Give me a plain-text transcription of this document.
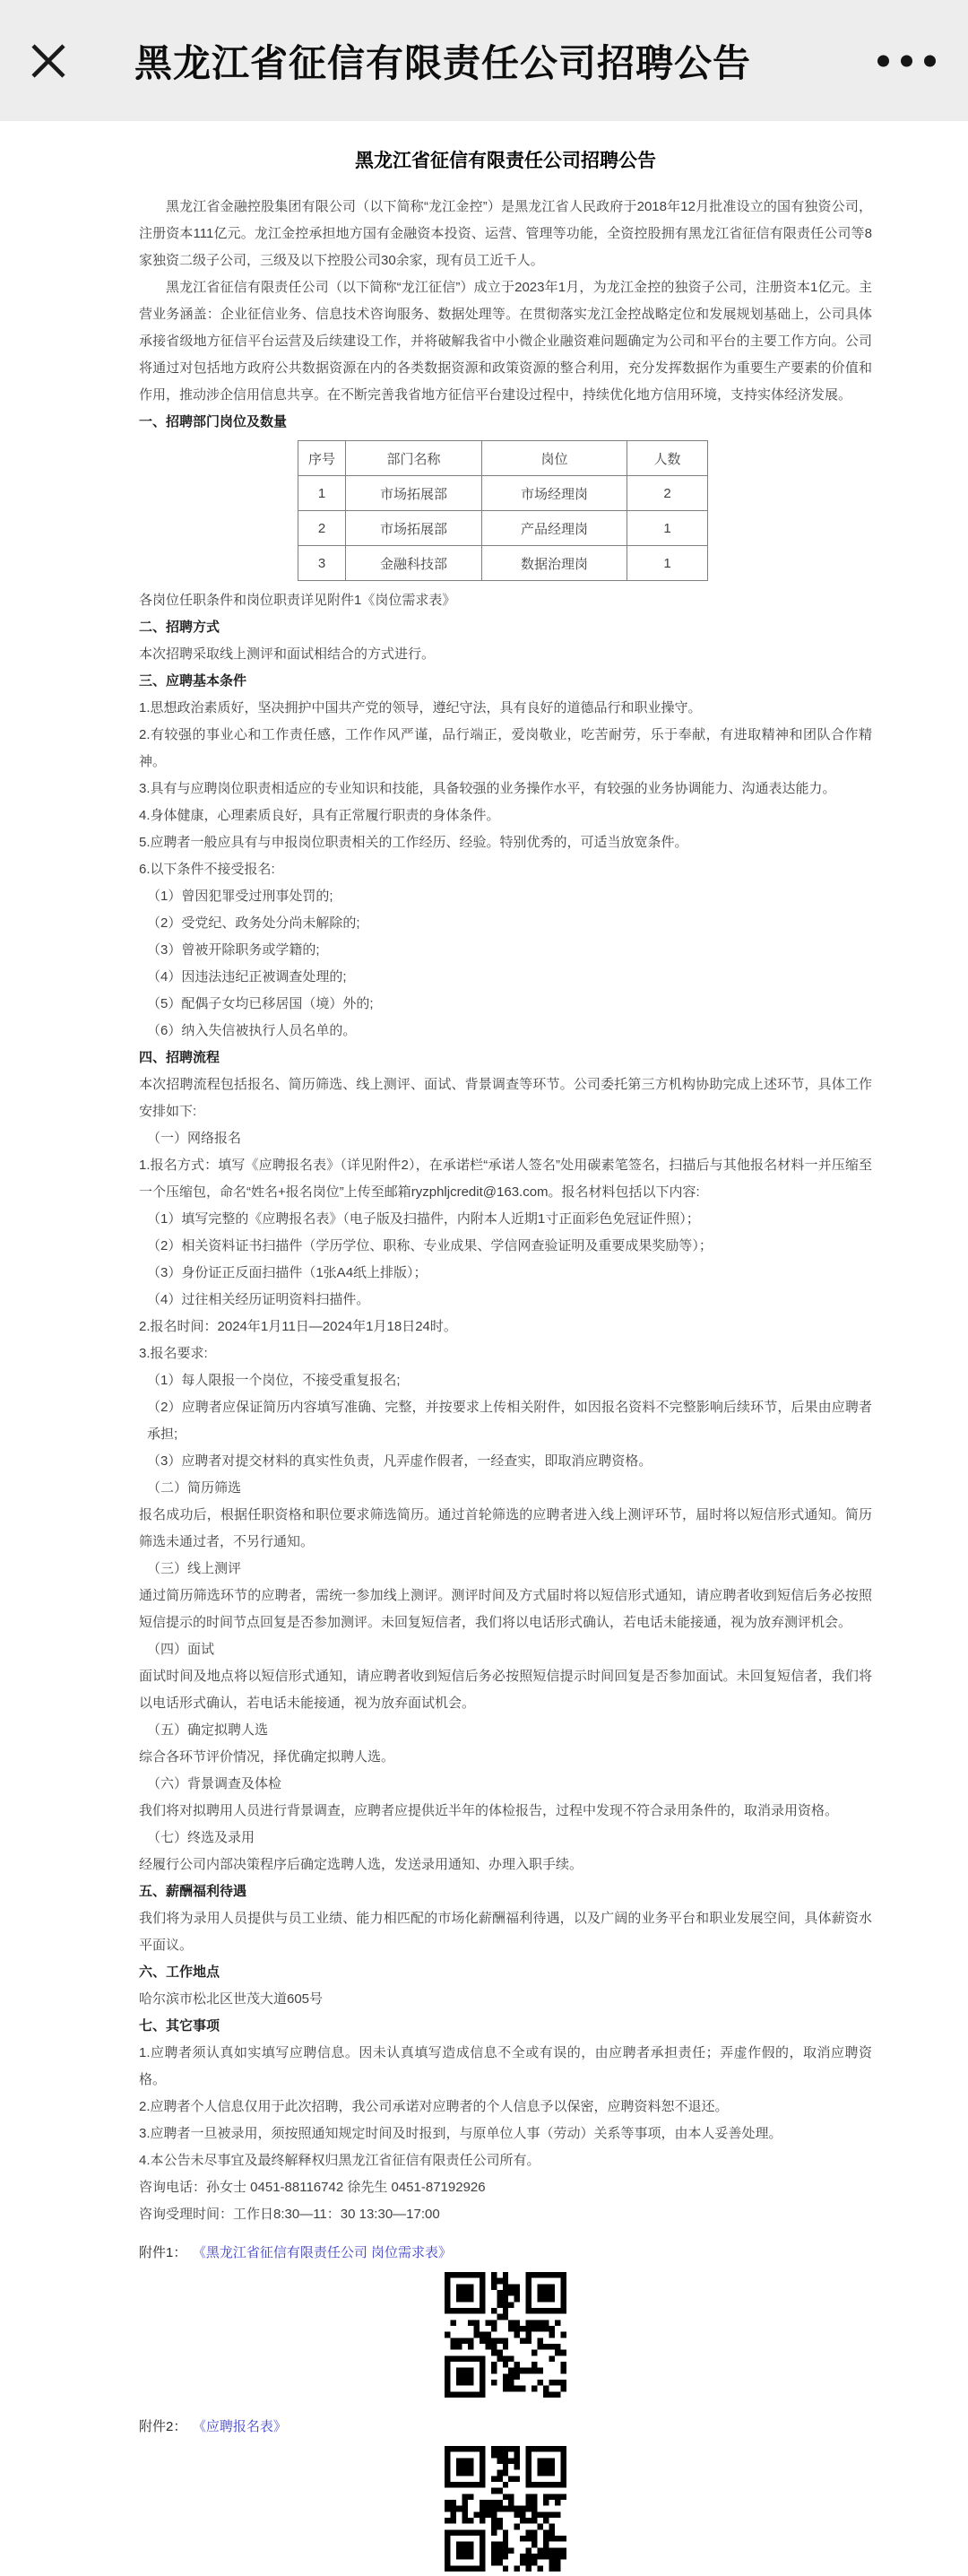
黑龙江省征信有限责任公司招聘公告
黑龙江省征信有限责任公司招聘公告

黑龙江省金融控股集团有限公司（以下简称“龙江金控”）是黑龙江省人民政府于2018年12月批准设立的国有独资公司，注册资本111亿元。龙江金控承担地方国有金融资本投资、运营、管理等功能，全资控股拥有黑龙江省征信有限责任公司等8家独资二级子公司，三级及以下控股公司30余家，现有员工近千人。

黑龙江省征信有限责任公司（以下简称“龙江征信”）成立于2023年1月，为龙江金控的独资子公司，注册资本1亿元。主营业务涵盖：企业征信业务、信息技术咨询服务、数据处理等。在贯彻落实龙江金控战略定位和发展规划基础上，公司具体承接省级地方征信平台运营及后续建设工作，并将破解我省中小微企业融资难问题确定为公司和平台的主要工作方向。公司将通过对包括地方政府公共数据资源在内的各类数据资源和政策资源的整合利用，充分发挥数据作为重要生产要素的价值和作用，推动涉企信用信息共享。在不断完善我省地方征信平台建设过程中，持续优化地方信用环境，支持实体经济发展。

一、招聘部门岗位及数量

序号	部门名称	岗位	人数
1	市场拓展部	市场经理岗	2
2	市场拓展部	产品经理岗	1
3	金融科技部	数据治理岗	1

各岗位任职条件和岗位职责详见附件1《岗位需求表》

二、招聘方式

本次招聘采取线上测评和面试相结合的方式进行。

三、应聘基本条件

1.思想政治素质好，坚决拥护中国共产党的领导，遵纪守法，具有良好的道德品行和职业操守。

2.有较强的事业心和工作责任感，工作作风严谨，品行端正，爱岗敬业，吃苦耐劳，乐于奉献，有进取精神和团队合作精神。

3.具有与应聘岗位职责相适应的专业知识和技能，具备较强的业务操作水平，有较强的业务协调能力、沟通表达能力。

4.身体健康，心理素质良好，具有正常履行职责的身体条件。

5.应聘者一般应具有与申报岗位职责相关的工作经历、经验。特别优秀的，可适当放宽条件。

6.以下条件不接受报名:

（1）曾因犯罪受过刑事处罚的;

（2）受党纪、政务处分尚未解除的;

（3）曾被开除职务或学籍的;

（4）因违法违纪正被调查处理的;

（5）配偶子女均已移居国（境）外的;

（6）纳入失信被执行人员名单的。

四、招聘流程

本次招聘流程包括报名、简历筛选、线上测评、面试、背景调查等环节。公司委托第三方机构协助完成上述环节，具体工作安排如下:

（一）网络报名

1.报名方式：填写《应聘报名表》（详见附件2），在承诺栏“承诺人签名”处用碳素笔签名，扫描后与其他报名材料一并压缩至一个压缩包，命名“姓名+报名岗位”上传至邮箱ryzphljcredit@163.com。报名材料包括以下内容:

（1）填写完整的《应聘报名表》（电子版及扫描件，内附本人近期1寸正面彩色免冠证件照）；

（2）相关资料证书扫描件（学历学位、职称、专业成果、学信网查验证明及重要成果奖励等）；

（3）身份证正反面扫描件（1张A4纸上排版）；

（4）过往相关经历证明资料扫描件。

2.报名时间：2024年1月11日—2024年1月18日24时。

3.报名要求:

（1）每人限报一个岗位，不接受重复报名;

（2）应聘者应保证简历内容填写准确、完整，并按要求上传相关附件，如因报名资料不完整影响后续环节，后果由应聘者承担;

（3）应聘者对提交材料的真实性负责，凡弄虚作假者，一经查实，即取消应聘资格。

（二）简历筛选

报名成功后，根据任职资格和职位要求筛选简历。通过首轮筛选的应聘者进入线上测评环节，届时将以短信形式通知。简历筛选未通过者，不另行通知。

（三）线上测评

通过简历筛选环节的应聘者，需统一参加线上测评。测评时间及方式届时将以短信形式通知，请应聘者收到短信后务必按照短信提示的时间节点回复是否参加测评。未回复短信者，我们将以电话形式确认，若电话未能接通，视为放弃测评机会。

（四）面试

面试时间及地点将以短信形式通知，请应聘者收到短信后务必按照短信提示时间回复是否参加面试。未回复短信者，我们将以电话形式确认，若电话未能接通，视为放弃面试机会。

（五）确定拟聘人选

综合各环节评价情况，择优确定拟聘人选。

（六）背景调查及体检

我们将对拟聘用人员进行背景调查，应聘者应提供近半年的体检报告，过程中发现不符合录用条件的，取消录用资格。

（七）终选及录用

经履行公司内部决策程序后确定选聘人选，发送录用通知、办理入职手续。

五、薪酬福利待遇

我们将为录用人员提供与员工业绩、能力相匹配的市场化薪酬福利待遇，以及广阔的业务平台和职业发展空间，具体薪资水平面议。

六、工作地点

哈尔滨市松北区世茂大道605号

七、其它事项

1.应聘者须认真如实填写应聘信息。因未认真填写造成信息不全或有误的，由应聘者承担责任；弄虚作假的，取消应聘资格。

2.应聘者个人信息仅用于此次招聘，我公司承诺对应聘者的个人信息予以保密，应聘资料恕不退还。

3.应聘者一旦被录用，须按照通知规定时间及时报到，与原单位人事（劳动）关系等事项，由本人妥善处理。

4.本公告未尽事宜及最终解释权归黑龙江省征信有限责任公司所有。

咨询电话：孙女士 0451-88116742 徐先生 0451-87192926

咨询受理时间：工作日8:30—11：30 13:30—17:00

附件1： 《黑龙江省征信有限责任公司 岗位需求表》
附件2： 《应聘报名表》
